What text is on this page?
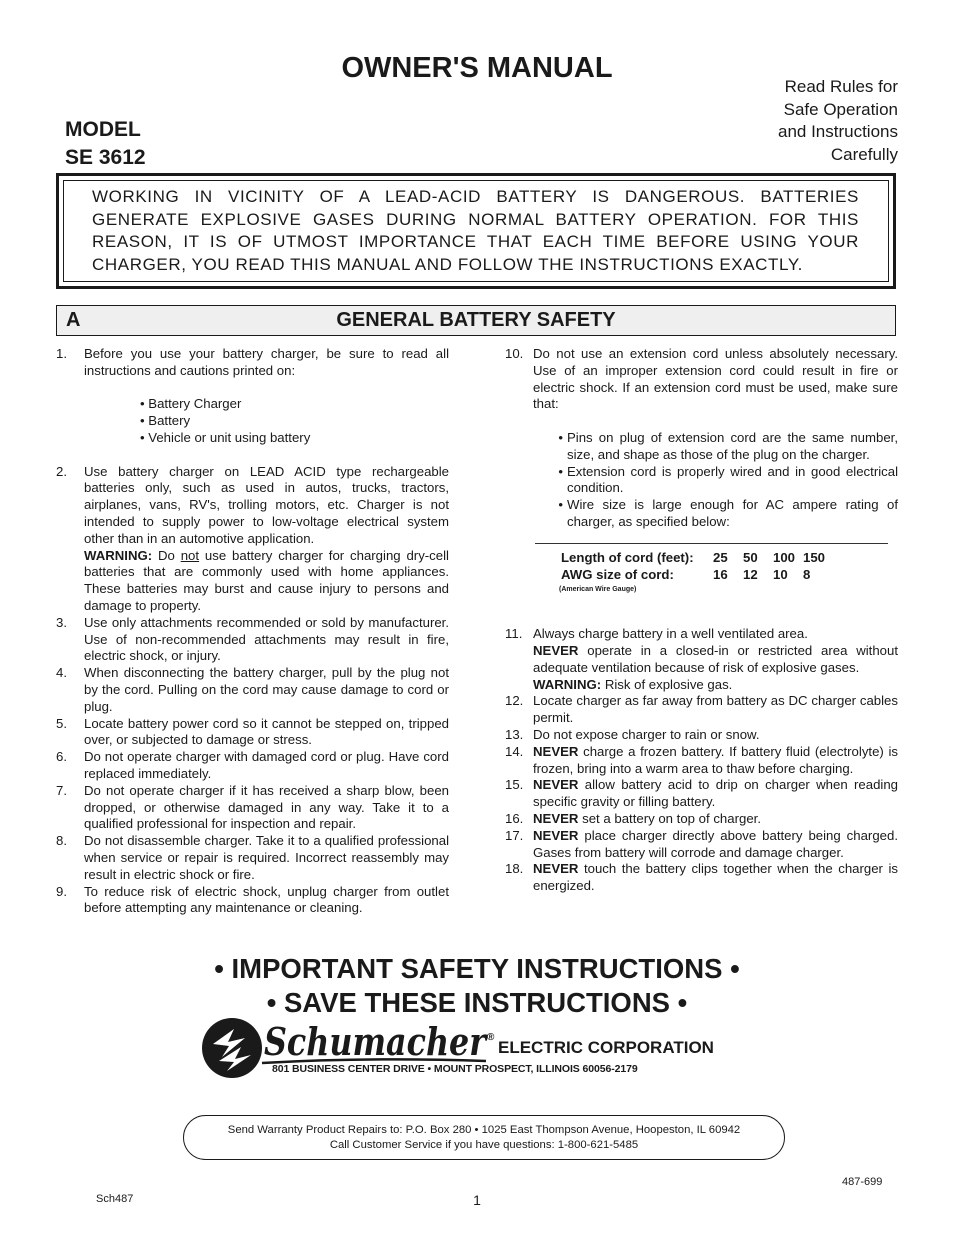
OWNER'S MANUAL
MODEL
SE 3612
Read Rules for
Safe Operation
and Instructions
Carefully
WORKING IN VICINITY OF A LEAD-ACID BATTERY IS DANGEROUS. BATTERIES GENERATE EXPLOSIVE GASES DURING NORMAL BATTERY OPERATION. FOR THIS REASON, IT IS OF UTMOST IMPORTANCE THAT EACH TIME BEFORE USING YOUR CHARGER, YOU READ THIS MANUAL AND FOLLOW THE INSTRUCTIONS EXACTLY.
A	GENERAL BATTERY SAFETY
1.	Before you use your battery charger, be sure to read all instructions and cautions printed on:
• Battery Charger
• Battery
• Vehicle or unit using battery
2.	Use battery charger on LEAD ACID type rechargeable batteries only, such as used in autos, trucks, tractors, airplanes, vans, RV's, trolling motors, etc. Charger is not intended to supply power to low-voltage electrical system other than in an automotive application.
WARNING: Do not use battery charger for charging dry-cell batteries that are commonly used with home appliances. These batteries may burst and cause injury to persons and damage to property.
3.	Use only attachments recommended or sold by manufacturer. Use of non-recommended attachments may result in fire, electric shock, or injury.
4.	When disconnecting the battery charger, pull by the plug not by the cord. Pulling on the cord may cause damage to cord or plug.
5.	Locate battery power cord so it cannot be stepped on, tripped over, or subjected to damage or stress.
6.	Do not operate charger with damaged cord or plug. Have cord replaced immediately.
7.	Do not operate charger if it has received a sharp blow, been dropped, or otherwise damaged in any way. Take it to a qualified professional for inspection and repair.
8.	Do not disassemble charger. Take it to a qualified professional when service or repair is required. Incorrect reassembly may result in electric shock or fire.
9.	To reduce risk of electric shock, unplug charger from outlet before attempting any maintenance or cleaning.
10. Do not use an extension cord unless absolutely necessary. Use of an improper extension cord could result in fire or electric shock. If an extension cord must be used, make sure that:
• Pins on plug of extension cord are the same number, size, and shape as those of the plug on the charger.
• Extension cord is properly wired and in good electrical condition.
• Wire size is large enough for AC ampere rating of charger, as specified below:
Length of cord (feet):	25	50	100	150
AWG size of cord:	16	12	10	8
(American Wire Gauge)
11. Always charge battery in a well ventilated area.
NEVER operate in a closed-in or restricted area without adequate ventilation because of risk of explosive gases.
WARNING: Risk of explosive gas.
12. Locate charger as far away from battery as DC charger cables permit.
13. Do not expose charger to rain or snow.
14. NEVER charge a frozen battery. If battery fluid (electrolyte) is frozen, bring into a warm area to thaw before charging.
15. NEVER allow battery acid to drip on charger when reading specific gravity or filling battery.
16. NEVER set a battery on top of charger.
17. NEVER place charger directly above battery being charged. Gases from battery will corrode and damage charger.
18. NEVER touch the battery clips together when the charger is energized.
• IMPORTANT SAFETY INSTRUCTIONS •
• SAVE THESE INSTRUCTIONS •
Schumacher
®
ELECTRIC CORPORATION
801 BUSINESS CENTER DRIVE • MOUNT PROSPECT, ILLINOIS 60056-2179
Send Warranty Product Repairs to: P.O. Box 280 • 1025 East Thompson Avenue, Hoopeston, IL 60942
Call Customer Service if you have questions: 1-800-621-5485
487-699
Sch487	1
